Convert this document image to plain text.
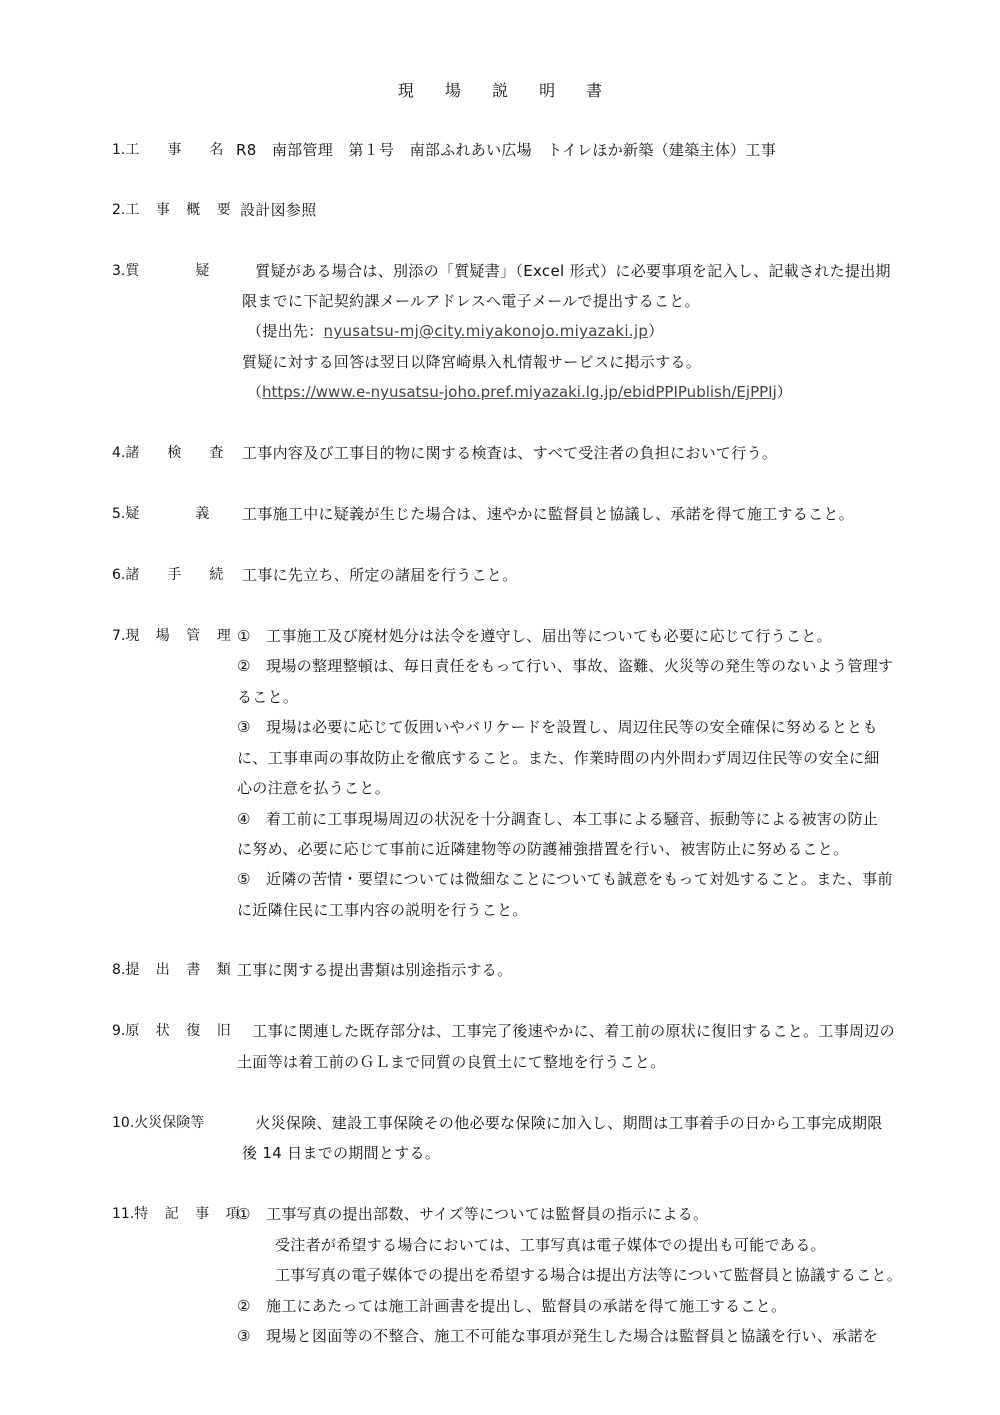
現 場 説 明 書
1.工　　事　　名 R8　南部管理　第１号　南部ふれあい広場　トイレほか新築（建築主体）工事
2.工 事 概 要 設計図参照
3.質　　　　疑 　質疑がある場合は、別添の「質疑書」（Excel 形式）に必要事項を記入し、記載された提出期
限までに下記契約課メールアドレスへ電子メールで提出すること。
（提出先：nyusatsu-mj@city.miyakonojo.miyazaki.jp）
質疑に対する回答は翌日以降宮崎県入札情報サービスに掲示する。
（https://www.e-nyusatsu-joho.pref.miyazaki.lg.jp/ebidPPIPublish/EjPPIj）
4.諸　　検　　査 工事内容及び工事目的物に関する検査は、すべて受注者の負担において行う。
5.疑　　　　義 工事施工中に疑義が生じた場合は、速やかに監督員と協議し、承諾を得て施工すること。
6.諸　　手　　続 工事に先立ち、所定の諸届を行うこと。
7.現 場 管 理 ①　工事施工及び廃材処分は法令を遵守し、届出等についても必要に応じて行うこと。
②　現場の整理整頓は、毎日責任をもって行い、事故、盗難、火災等の発生等のないよう管理す
ること。
③　現場は必要に応じて仮囲いやバリケードを設置し、周辺住民等の安全確保に努めるととも
に、工事車両の事故防止を徹底すること。また、作業時間の内外問わず周辺住民等の安全に細
心の注意を払うこと。
④　着工前に工事現場周辺の状況を十分調査し、本工事による騒音、振動等による被害の防止
に努め、必要に応じて事前に近隣建物等の防護補強措置を行い、被害防止に努めること。
⑤　近隣の苦情・要望については微細なことについても誠意をもって対処すること。また、事前
に近隣住民に工事内容の説明を行うこと。
8.提 出 書 類 工事に関する提出書類は別途指示する。
9.原 状 復 旧 　工事に関連した既存部分は、工事完了後速やかに、着工前の原状に復旧すること。工事周辺の
土面等は着工前のＧＬまで同質の良質土にて整地を行うこと。
10.火災保険等 　火災保険、建設工事保険その他必要な保険に加入し、期間は工事着手の日から工事完成期限
後 14 日までの期間とする。
11.特 記 事 項
①　工事写真の提出部数、サイズ等については監督員の指示による。
受注者が希望する場合においては、工事写真は電子媒体での提出も可能である。
工事写真の電子媒体での提出を希望する場合は提出方法等について監督員と協議すること。
②　施工にあたっては施工計画書を提出し、監督員の承諾を得て施工すること。
③　現場と図面等の不整合、施工不可能な事項が発生した場合は監督員と協議を行い、承諾を
